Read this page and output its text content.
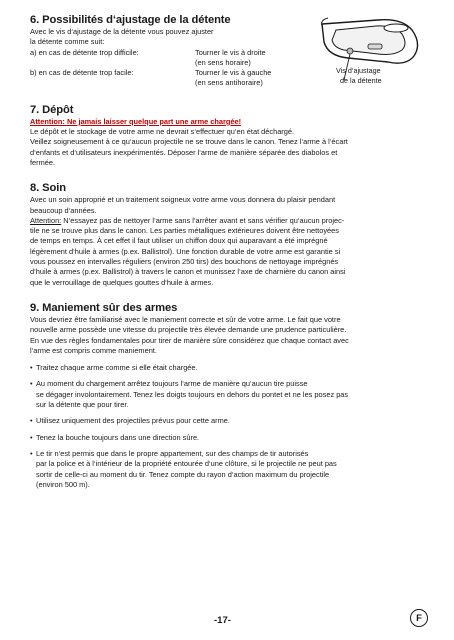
Vis d‘ajustage
de la détente
6. Possibilités d‘ajustage de la détente

Avec le vis d‘ajustage de la détente vous pouvez ajuster

la détente comme suit:

a) en cas de détente trop difficile:	Tourner le vis à droite
(en sens horaire)
b) en cas de détente trop facile:	Tourner le vis à gauche
(en sens antihoraire)
7. Dépôt

Attention: Ne jamais laisser quelque part une arme chargée!

Le dépôt et le stockage de votre arme ne devrait s‘effectuer qu‘en état déchargé.

Veillez soigneusement à ce qu‘aucun projectile ne se trouve dans le canon. Tenez l‘arme à l‘écart

d‘enfants et d‘utilisateurs inexpérimentés. Déposer l‘arme de manière séparée des diabolos et

fermée.

8. Soin

Avec un soin approprié et un traitement soigneux votre arme vous donnera du plaisir pendant

beaucoup d‘années.

Attention: N‘essayez pas de nettoyer l‘arme sans l‘arrêter avant et sans vérifier qu‘aucun projec-

tile ne se trouve plus dans le canon. Les parties métalliques extérieures doivent être nettoyées

de temps en temps. À cet effet il faut utiliser un chiffon doux qui auparavant a été imprégné

légèrement d‘huile à armes (p.ex. Ballistrol). Une fonction durable de votre arme est garantie si

vous poussez en intervalles réguliers (environ 250 tirs) des bouchons de nettoyage imprégnés

d‘huile à armes (p.ex. Ballistrol) à travers le canon et munissez l‘axe de charnière du canon ainsi

que le verrouillage de quelques gouttes d‘huile à armes.

9. Maniement sûr des armes

Vous devriez être familiarisé avec le maniement correcte et sûr de votre arme. Le fait que votre

nouvelle arme possède une vitesse du projectile très élevée demande une prudence particulière.

En vue des règles fondamentales pour tirer de manière sûre considérez que chaque contact avec

l‘arme est compris comme maniement.

• Traitez chaque arme comme si elle était chargée.
• Au moment du chargement arrêtez toujours l‘arme de manière qu‘aucun tire puisse
se dégager involontairement. Tenez les doigts toujours en dehors du pontet et ne les posez pas
sur la détente que pour tirer.
• Utilisez uniquement des projectiles prévus pour cette arme.
• Tenez la bouche toujours dans une direction sûre.
• Le tir n‘est permis que dans le propre appartement, sur des champs de tir autorisés
par la police et à l‘intérieur de la propriété entourée d‘une clôture, si le projectile ne peut pas
sortir de celle-ci au moment du tir. Tenez compte du rayon d‘action maximum du projectile
(environ 500 m).
-17-	F
